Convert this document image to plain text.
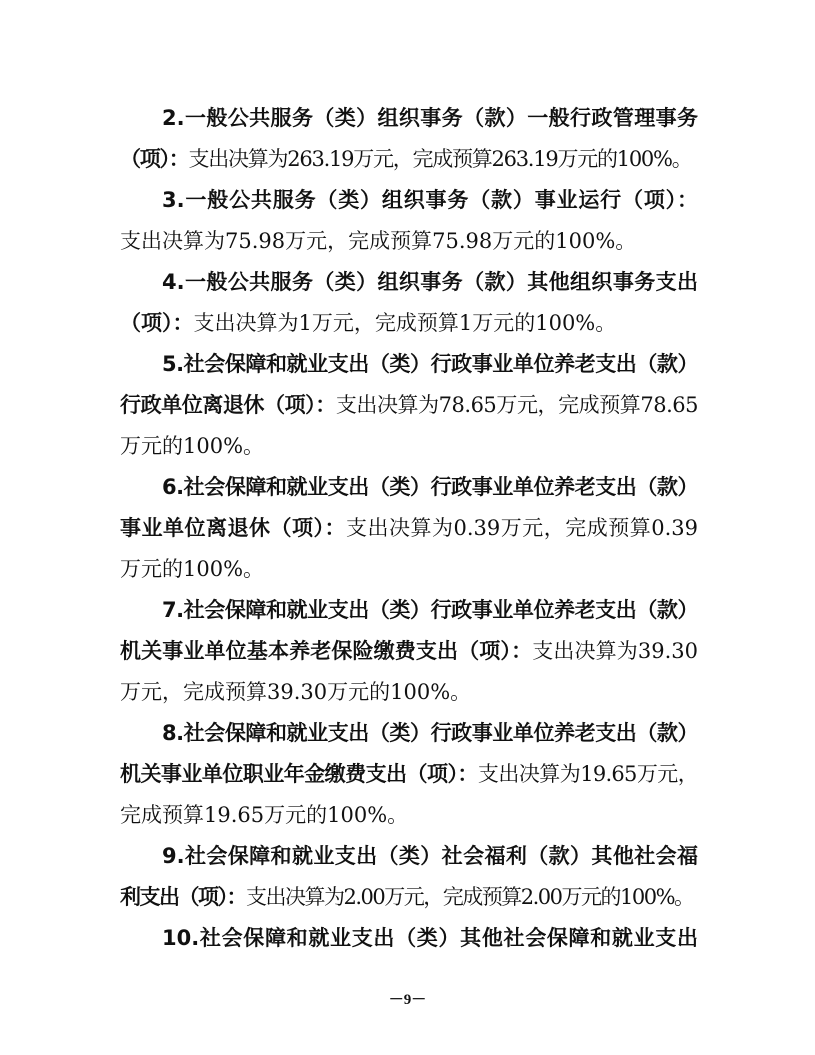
2.一般公共服务（类）组织事务（款）一般行政管理事务
（项）：支出决算为263.19万元，完成预算263.19万元的100%。
3.一般公共服务（类）组织事务（款）事业运行（项）：
支出决算为75.98万元，完成预算75.98万元的100%。
4.一般公共服务（类）组织事务（款）其他组织事务支出
（项）：支出决算为1万元，完成预算1万元的100%。
5.社会保障和就业支出（类）行政事业单位养老支出（款）
行政单位离退休（项）：支出决算为78.65万元，完成预算78.65
万元的100%。
6.社会保障和就业支出（类）行政事业单位养老支出（款）
事业单位离退休（项）：支出决算为0.39万元，完成预算0.39
万元的100%。
7.社会保障和就业支出（类）行政事业单位养老支出（款）
机关事业单位基本养老保险缴费支出（项）：支出决算为39.30
万元，完成预算39.30万元的100%。
8.社会保障和就业支出（类）行政事业单位养老支出（款）
机关事业单位职业年金缴费支出（项）：支出决算为19.65万元，
完成预算19.65万元的100%。
9.社会保障和就业支出（类）社会福利（款）其他社会福
利支出（项）：支出决算为2.00万元，完成预算2.00万元的100%。
10.社会保障和就业支出（类）其他社会保障和就业支出
－9－
